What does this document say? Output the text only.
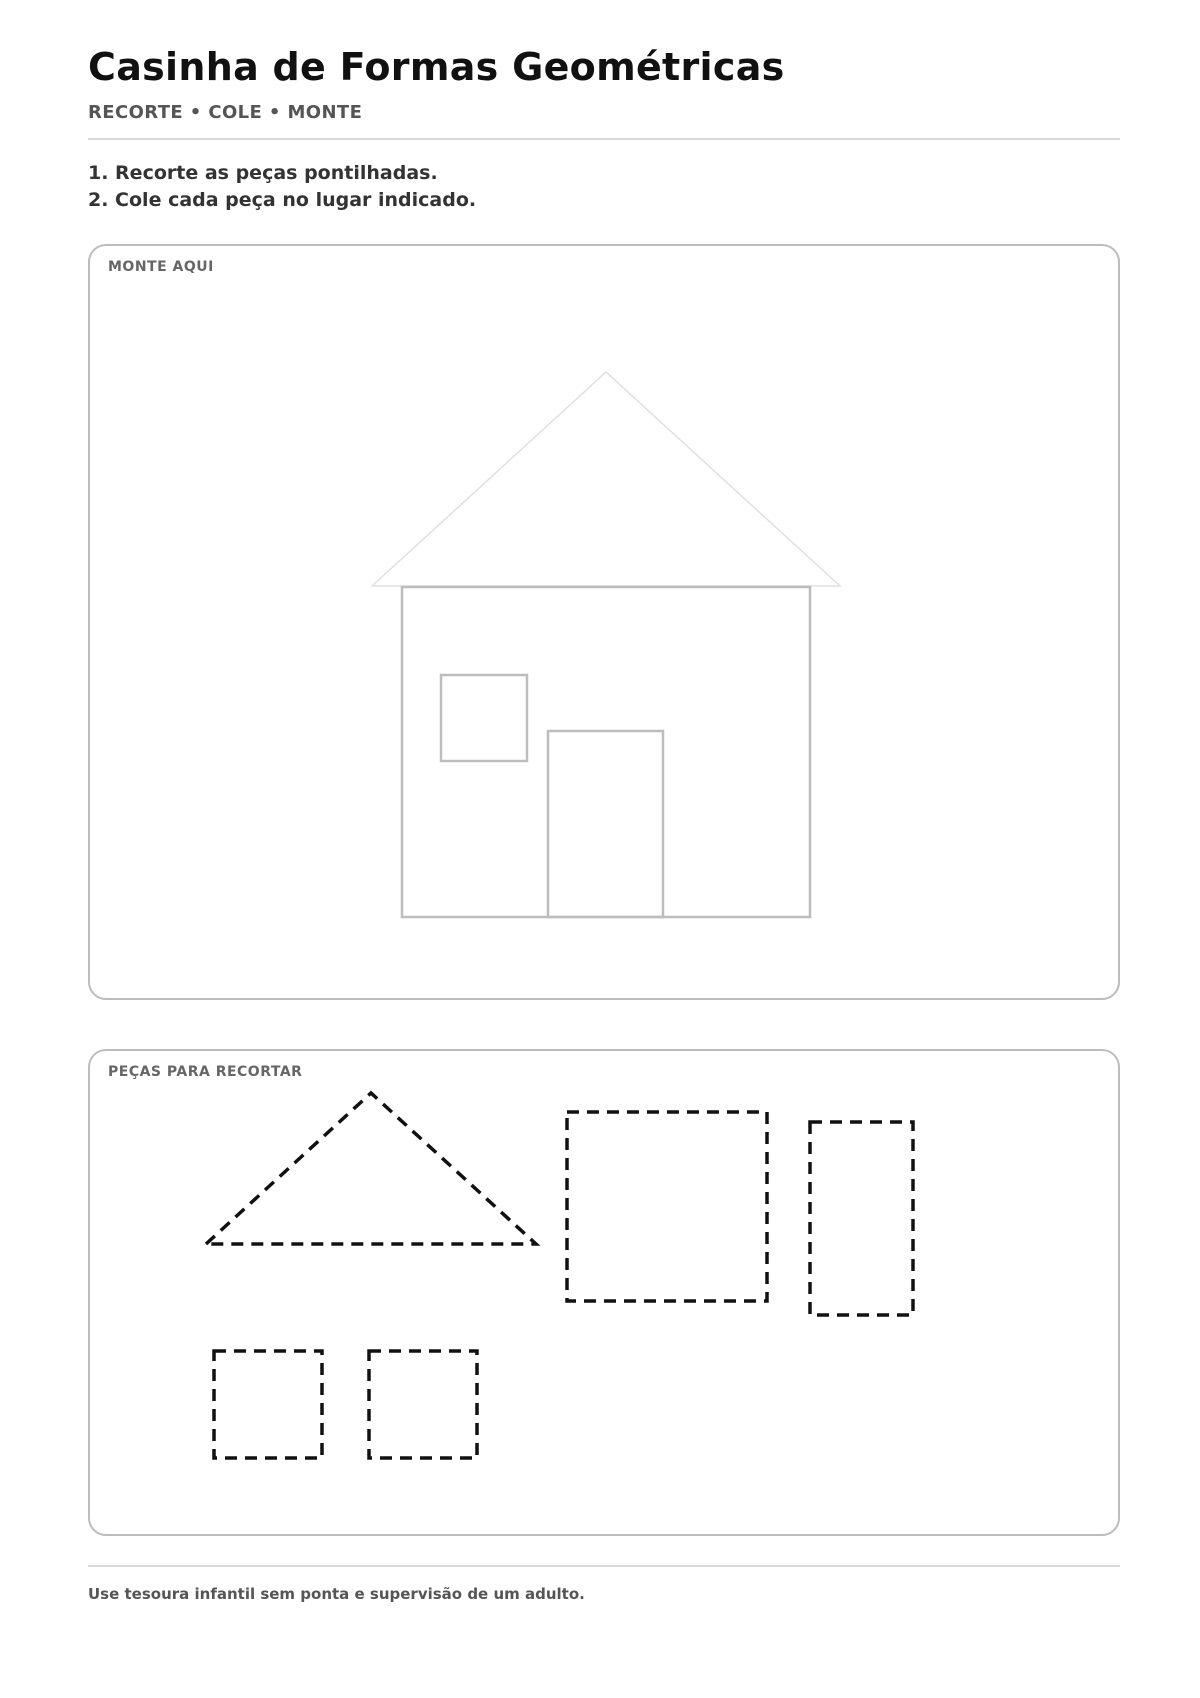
Casinha de Formas Geométricas
RECORTE • COLE • MONTE
1. Recorte as peças pontilhadas.
2. Cole cada peça no lugar indicado.
MONTE AQUI
PEÇAS PARA RECORTAR
Use tesoura infantil sem ponta e supervisão de um adulto.
